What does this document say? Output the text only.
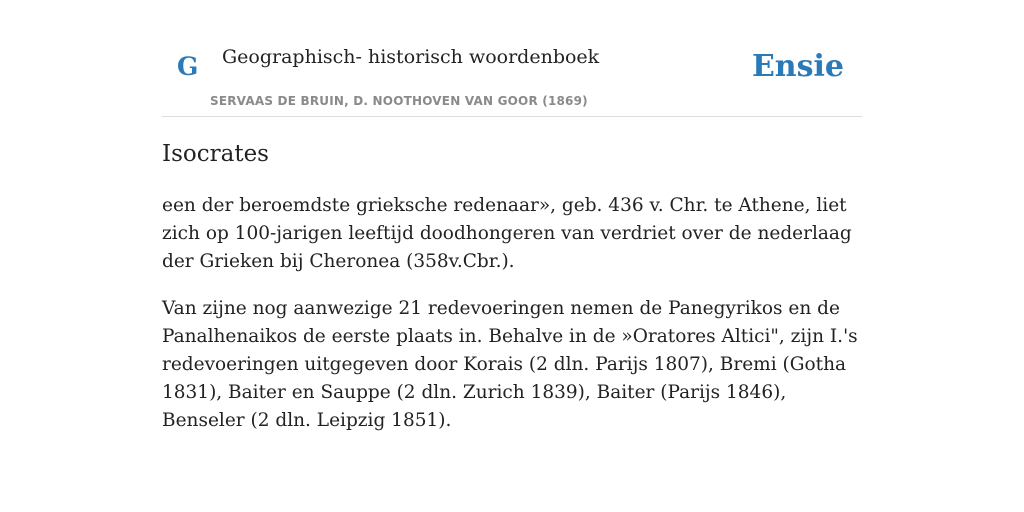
G Geographisch- historisch woordenboek
SERVAAS DE BRUIN, D. NOOTHOVEN VAN GOOR (1869)
Ensie
Isocrates

een der beroemdste grieksche redenaar», geb. 436 v. Chr. te Athene, liet zich op 100-jarigen leeftijd doodhongeren van verdriet over de nederlaag der Grieken bij Cheronea (358v.Cbr.).

Van zijne nog aanwezige 21 redevoeringen nemen de Panegyrikos en de Panalhenaikos de eerste plaats in. Behalve in de »Oratores Altici", zijn I.'s redevoeringen uitgegeven door Korais (2 dln. Parijs 1807), Bremi (Gotha 1831), Baiter en Sauppe (2 dln. Zurich 1839), Baiter (Parijs 1846), Benseler (2 dln. Leipzig 1851).
